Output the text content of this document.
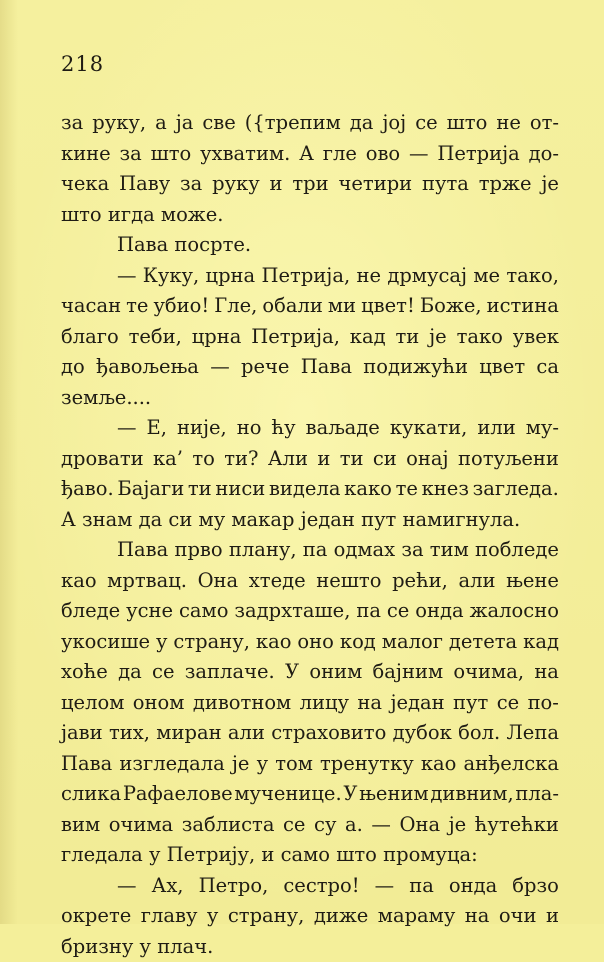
218
за руку, а ја све ({трепим да јој се што не от-
кине за што ухватим. А гле ово — Петрија до-
чека Паву за руку и три четири пута трже је
што игда може.
Пава посрте.
— Куку, црна Петрија, не дрмусај ме тако,
часан те убио! Гле, обали ми цвет! Боже, истина
благо теби, црна Петрија, кад ти је тако увек
до ђавољења — рече Пава подижући цвет са
земље....
— Е, није, но ћу ваљаде кукати, или му-
дровати ка’ то ти? Али и ти си онај потуљени
ђаво. Бајаги ти ниси видела како те кнез загледа.
А знам да си му макар један пут намигнула.
Пава прво плану, па одмах за тим побледе
као мртвац. Она хтеде нешто рећи, али њене
бледе усне само задрхташе, па се онда жалосно
укосише у страну, као оно код малог детета кад
хоће да се заплаче. У оним бајним очима, на
целом оном дивотном лицу на један пут се по-
јави тих, миран али страховито дубок бол. Лепа
Пава изгледала је у том тренутку као анђелска
слика Рафаелове мученице. У њеним дивним, пла-
вим очима заблиста се су а. — Она је ћутећки
гледала у Петрију, и само што промуца:
— Ах, Петро, сестро! — па онда брзо
окрете главу у страну, диже мараму на очи и
бризну у плач.
